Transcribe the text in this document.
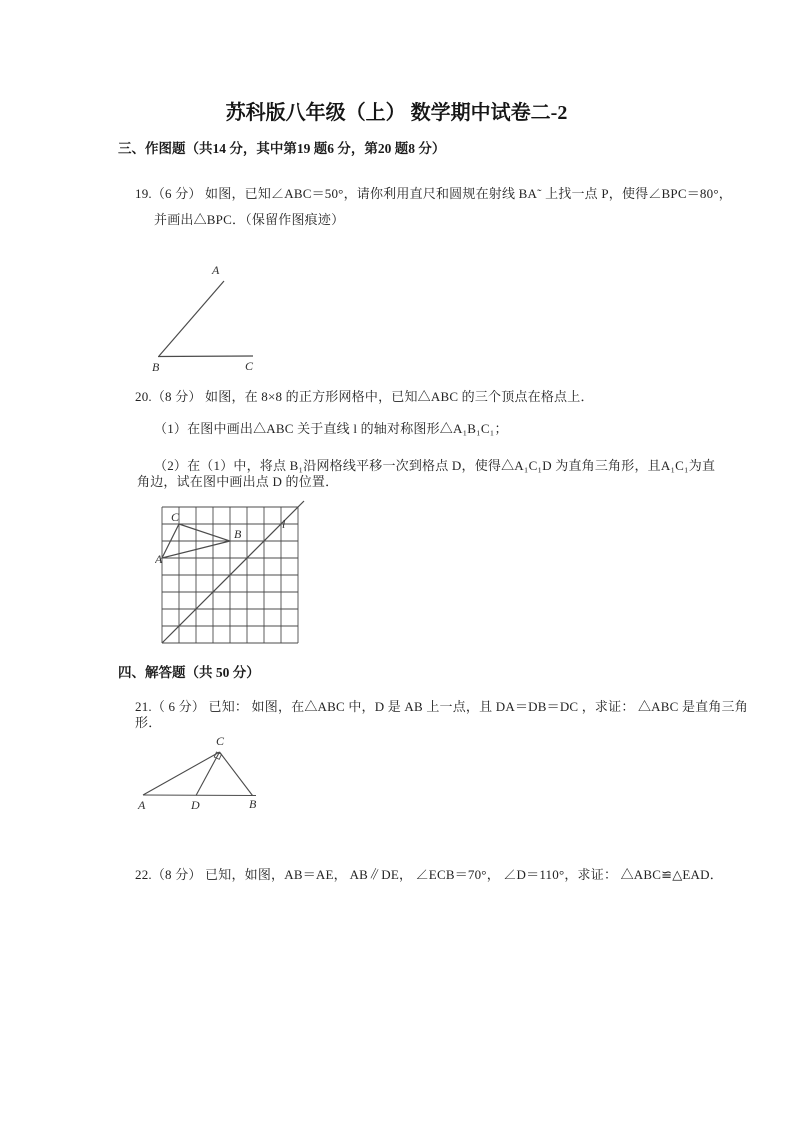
苏科版八年级（上） 数学期中试卷二-2
三、作图题（共14 分，其中第19 题6 分，第20 题8 分）
19.（6 分） 如图，已知∠ABC＝50°，请你利用直尺和圆规在射线 BA˜ 上找一点 P，使得∠BPC＝80°，
并画出△BPC．（保留作图痕迹）
A
B	C
20.（8 分） 如图，在 8×8 的正方形网格中，已知△ABC 的三个顶点在格点上．
（1）在图中画出△ABC 关于直线 l 的轴对称图形△A₁B₁C₁；
（2）在（1）中，将点 B₁沿网格线平移一次到格点 D，使得△A₁C₁D 为直角三角形，且A₁C₁为直
角边，试在图中画出点 D 的位置．
A
B
C	l
四、解答题（共 50 分）
21.（ 6 分） 已知： 如图，在△ABC 中，D 是 AB 上一点，且 DA＝DB＝DC ，求证： △ABC 是直角三角
形．
A	D	B
C
22.（8 分） 已知，如图，AB＝AE， AB∥DE， ∠ECB＝70°， ∠D＝110°，求证： △ABC≌△EAD．
